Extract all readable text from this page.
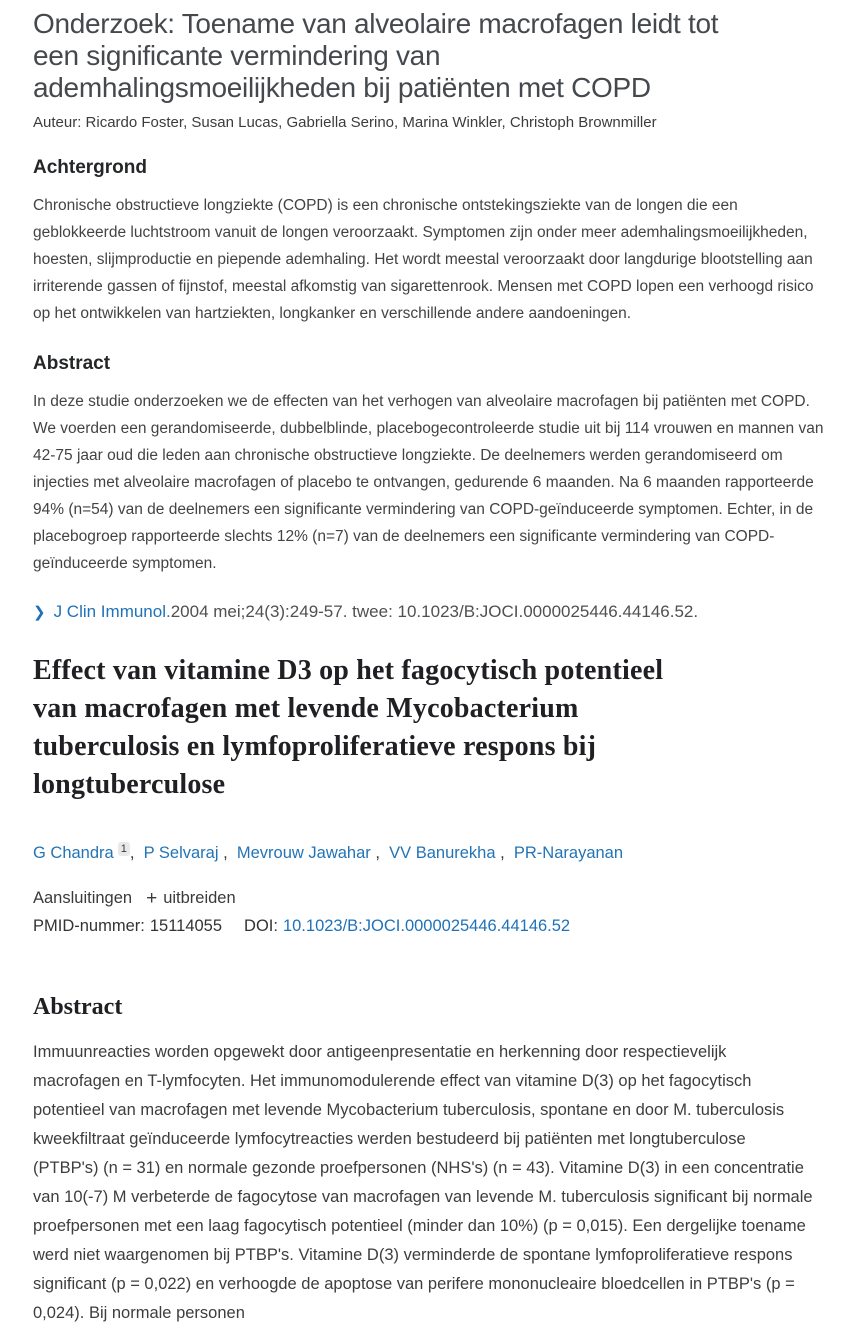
Onderzoek: Toename van alveolaire macrofagen leidt tot
een significante vermindering van
ademhalingsmoeilijkheden bij patiënten met COPD

Auteur: Ricardo Foster, Susan Lucas, Gabriella Serino, Marina Winkler, Christoph Brownmiller

Achtergrond

Chronische obstructieve longziekte (COPD) is een chronische ontstekingsziekte van de longen die een geblokkeerde luchtstroom vanuit de longen veroorzaakt. Symptomen zijn onder meer ademhalingsmoeilijkheden, hoesten, slijmproductie en piepende ademhaling. Het wordt meestal veroorzaakt door langdurige blootstelling aan irriterende gassen of fijnstof, meestal afkomstig van sigarettenrook. Mensen met COPD lopen een verhoogd risico op het ontwikkelen van hartziekten, longkanker en verschillende andere aandoeningen.

Abstract

In deze studie onderzoeken we de effecten van het verhogen van alveolaire macrofagen bij patiënten met COPD. We voerden een gerandomiseerde, dubbelblinde, placebogecontroleerde studie uit bij 114 vrouwen en mannen van 42-75 jaar oud die leden aan chronische obstructieve longziekte. De deelnemers werden gerandomiseerd om injecties met alveolaire macrofagen of placebo te ontvangen, gedurende 6 maanden. Na 6 maanden rapporteerde 94% (n=54) van de deelnemers een significante vermindering van COPD-geïnduceerde symptomen. Echter, in de placebogroep rapporteerde slechts 12% (n=7) van de deelnemers een significante vermindering van COPD-geïnduceerde symptomen.

❯ J Clin Immunol.2004 mei;24(3):249-57. twee: 10.1023/B:JOCI.0000025446.44146.52.
Effect van vitamine D3 op het fagocytisch potentieel
van macrofagen met levende Mycobacterium
tuberculosis en lymfoproliferatieve respons bij
longtuberculose
G Chandra $^1$ ,  P Selvaraj ,  Mevrouw Jawahar ,  VV Banurekha ,  PR-Narayanan
Aansluitingen + uitbreiden
PMID-nummer: 15114055 DOI: 10.1023/B:JOCI.0000025446.44146.52
Abstract

Immuunreacties worden opgewekt door antigeenpresentatie en herkenning door respectievelijk macrofagen en T-lymfocyten. Het immunomodulerende effect van vitamine D(3) op het fagocytisch potentieel van macrofagen met levende Mycobacterium tuberculosis, spontane en door M. tuberculosis kweekfiltraat geïnduceerde lymfocytreacties werden bestudeerd bij patiënten met longtuberculose (PTBP's) (n = 31) en normale gezonde proefpersonen (NHS's) (n = 43). Vitamine D(3) in een concentratie van 10(-7) M verbeterde de fagocytose van macrofagen van levende M. tuberculosis significant bij normale proefpersonen met een laag fagocytisch potentieel (minder dan 10%) (p = 0,015). Een dergelijke toename werd niet waargenomen bij PTBP's. Vitamine D(3) verminderde de spontane lymfoproliferatieve respons significant (p = 0,022) en verhoogde de apoptose van perifere mononucleaire bloedcellen in PTBP's (p = 0,024). Bij normale personen
